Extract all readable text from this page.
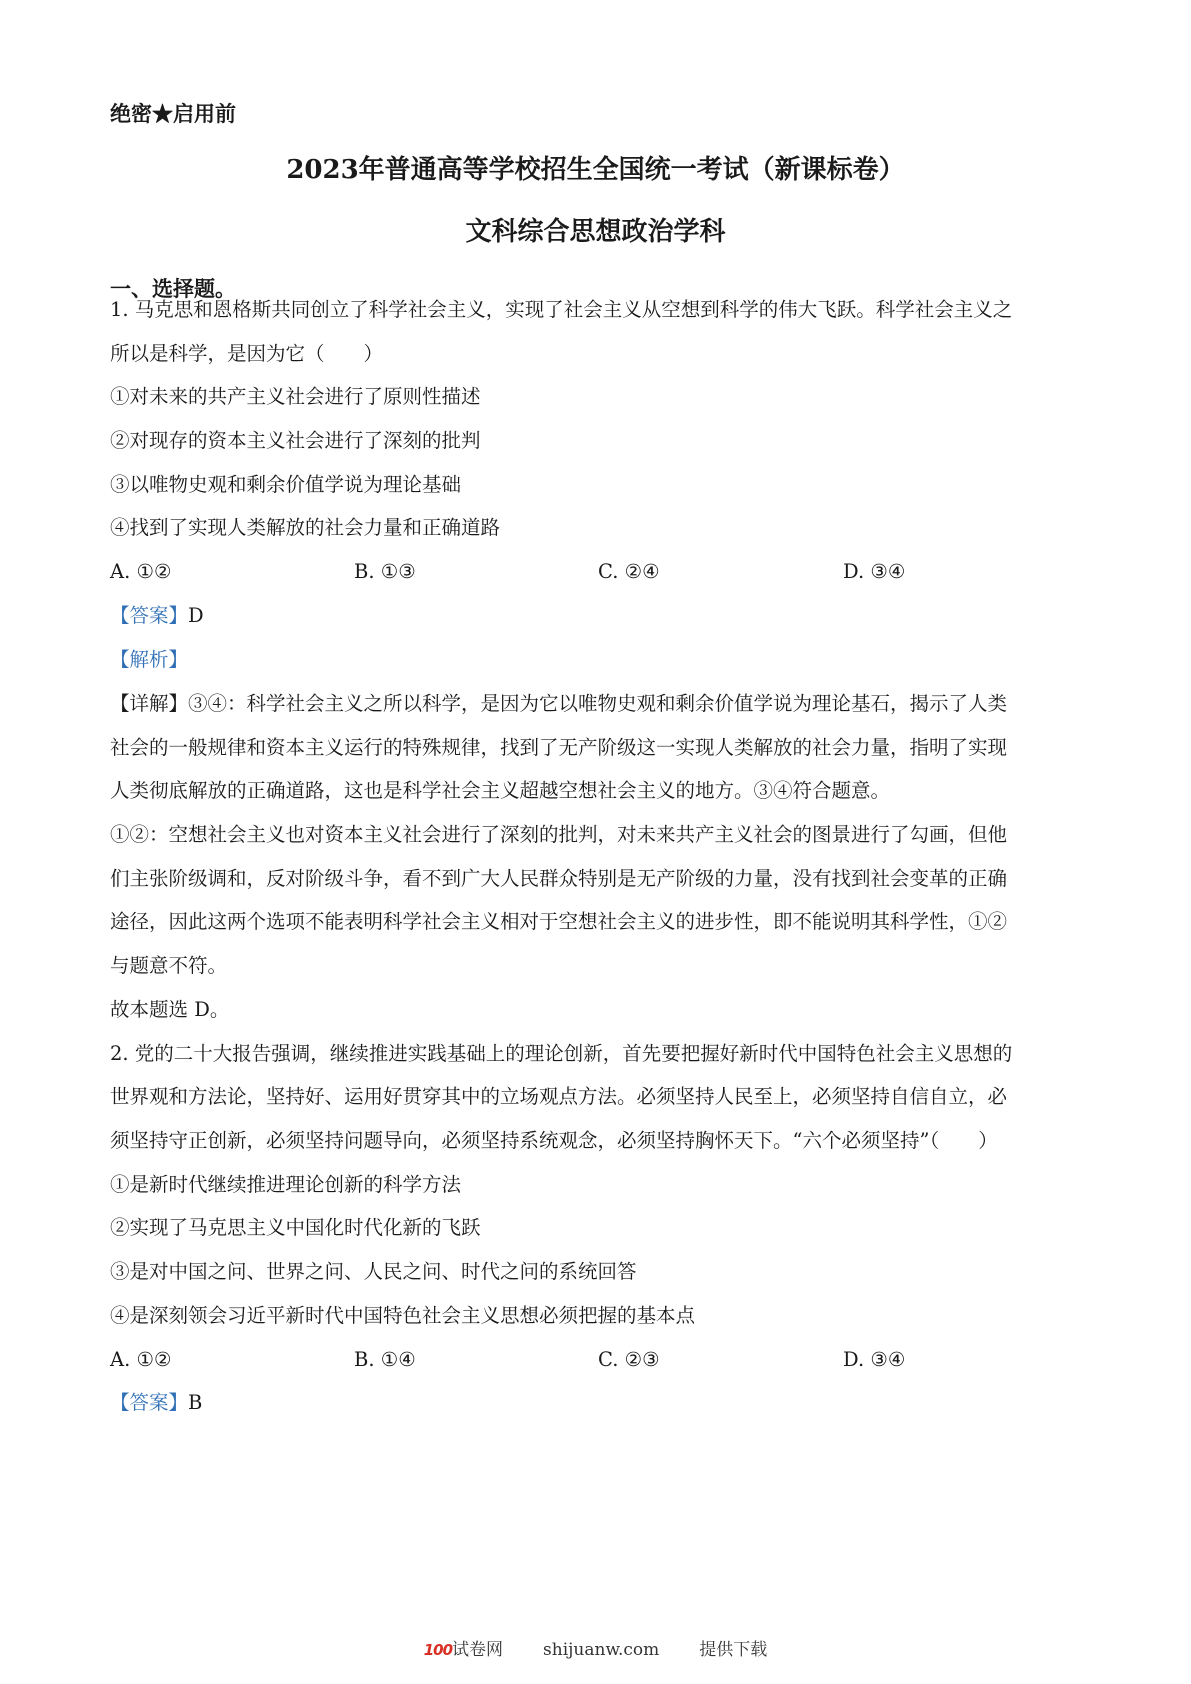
绝密★启用前
2023年普通高等学校招生全国统一考试（新课标卷）
文科综合思想政治学科
一、选择题。
1. 马克思和恩格斯共同创立了科学社会主义，实现了社会主义从空想到科学的伟大飞跃。科学社会主义之
所以是科学，是因为它（　　）
①对未来的共产主义社会进行了原则性描述
②对现存的资本主义社会进行了深刻的批判
③以唯物史观和剩余价值学说为理论基础
④找到了实现人类解放的社会力量和正确道路
A. ①②	B. ①③	C. ②④	D. ③④
【答案】D
【解析】
【详解】③④：科学社会主义之所以科学，是因为它以唯物史观和剩余价值学说为理论基石，揭示了人类
社会的一般规律和资本主义运行的特殊规律，找到了无产阶级这一实现人类解放的社会力量，指明了实现
人类彻底解放的正确道路，这也是科学社会主义超越空想社会主义的地方。③④符合题意。
①②：空想社会主义也对资本主义社会进行了深刻的批判，对未来共产主义社会的图景进行了勾画，但他
们主张阶级调和，反对阶级斗争，看不到广大人民群众特别是无产阶级的力量，没有找到社会变革的正确
途径，因此这两个选项不能表明科学社会主义相对于空想社会主义的进步性，即不能说明其科学性，①②
与题意不符。
故本题选 D。
2. 党的二十大报告强调，继续推进实践基础上的理论创新，首先要把握好新时代中国特色社会主义思想的
世界观和方法论，坚持好、运用好贯穿其中的立场观点方法。必须坚持人民至上，必须坚持自信自立，必
须坚持守正创新，必须坚持问题导向，必须坚持系统观念，必须坚持胸怀天下。“六个必须坚持”（　　）
①是新时代继续推进理论创新的科学方法
②实现了马克思主义中国化时代化新的飞跃
③是对中国之问、世界之问、人民之问、时代之问的系统回答
④是深刻领会习近平新时代中国特色社会主义思想必须把握的基本点
A. ①②	B. ①④	C. ②③	D. ③④
【答案】B
100试卷网 shijuanw.com 提供下载
